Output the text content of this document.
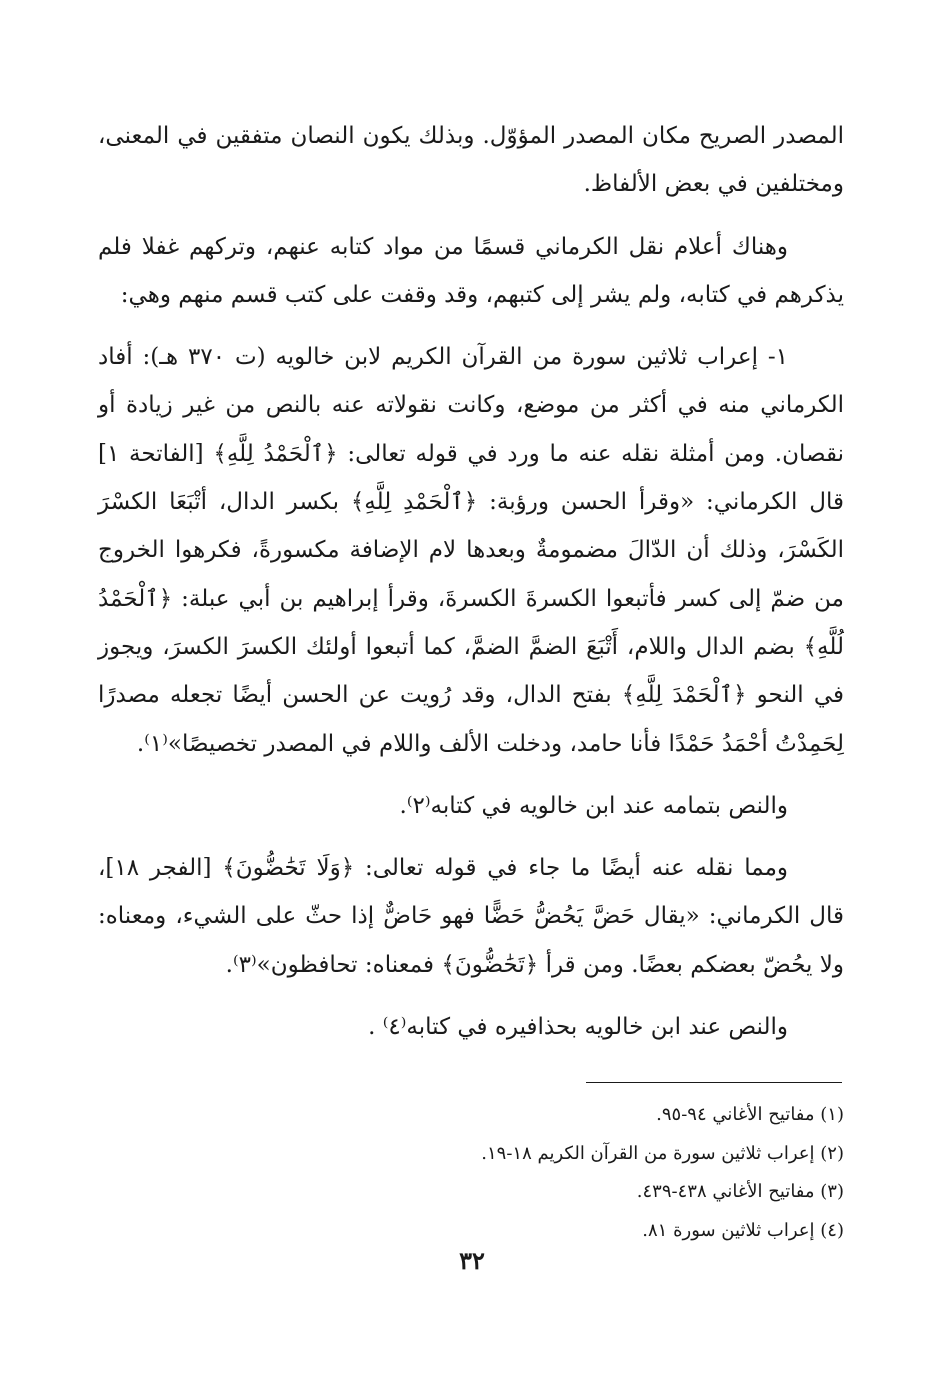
المصدر الصريح مكان المصدر المؤوّل. وبذلك يكون النصان متفقين في المعنى، ومختلفين في بعض الألفاظ.

وهناك أعلام نقل الكرماني قسمًا من مواد كتابه عنهم، وتركهم غفلا فلم يذكرهم في كتابه، ولم يشر إلى كتبهم، وقد وقفت على كتب قسم منهم وهي:

١- إعراب ثلاثين سورة من القرآن الكريم لابن خالويه (ت ٣٧٠ هـ): أفاد الكرماني منه في أكثر من موضع، وكانت نقولاته عنه بالنص من غير زيادة أو نقصان. ومن أمثلة نقله عنه ما ورد في قوله تعالى: ﴿ٱلْحَمْدُ لِلَّهِ﴾ [الفاتحة ١] قال الكرماني: «وقرأ الحسن ورؤبة: ﴿ٱلْحَمْدِ لِلَّهِ﴾ بكسر الدال، أتْبَعَا الكسْرَ الكَسْرَ، وذلك أن الدّالَ مضمومةٌ وبعدها لام الإضافة مكسورةً، فكرهوا الخروج من ضمّ إلى كسر فأتبعوا الكسرةَ الكسرةَ، وقرأ إبراهيم بن أبي عبلة: ﴿ٱلْحَمْدُ لُلَّهِ﴾ بضم الدال واللام، أَتْبَعَ الضمَّ الضمَّ، كما أتبعوا أولئك الكسرَ الكسرَ، ويجوز في النحو ﴿ٱلْحَمْدَ لِلَّهِ﴾ بفتح الدال، وقد رُويت عن الحسن أيضًا تجعله مصدرًا لِحَمِدْتُ أحْمَدُ حَمْدًا فأنا حامد، ودخلت الألف واللام في المصدر تخصيصًا»⁽١⁾.

والنص بتمامه عند ابن خالويه في كتابه⁽٢⁾.

ومما نقله عنه أيضًا ما جاء في قوله تعالى: ﴿وَلَا تَحَٰضُّونَ﴾ [الفجر ١٨]، قال الكرماني: «يقال حَضَّ يَحُضُّ حَضًّا فهو حَاضٌّ إذا حثّ على الشيء، ومعناه: ولا يحُضّ بعضكم بعضًا. ومن قرأ ﴿تَحَٰضُّونَ﴾ فمعناه: تحافظون»⁽٣⁾.

والنص عند ابن خالويه بحذافيره في كتابه⁽٤⁾ .

(١) مفاتيح الأغاني ٩٤-٩٥.
(٢) إعراب ثلاثين سورة من القرآن الكريم ١٨-١٩.
(٣) مفاتيح الأغاني ٤٣٨-٤٣٩.
(٤) إعراب ثلاثين سورة ٨١.
٣٢
